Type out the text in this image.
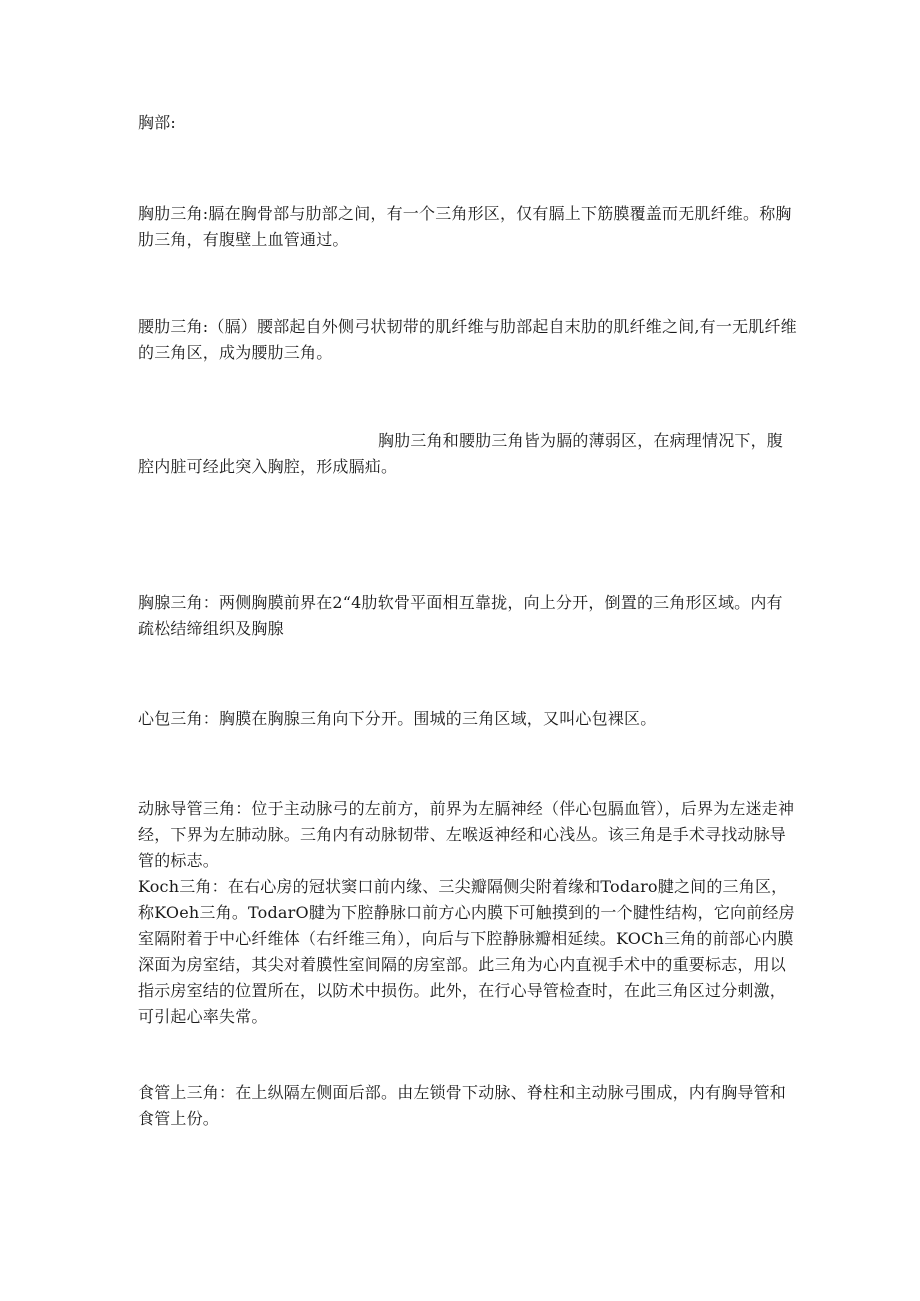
胸部:

胸肋三角:膈在胸骨部与肋部之间，有一个三角形区，仅有膈上下筋膜覆盖而无肌纤维。称胸肋三角，有腹壁上血管通过。

腰肋三角:（膈）腰部起自外侧弓状韧带的肌纤维与肋部起自末肋的肌纤维之间,有一无肌纤维的三角区，成为腰肋三角。

胸肋三角和腰肋三角皆为膈的薄弱区，在病理情况下，腹腔内脏可经此突入胸腔，形成膈疝。

胸腺三角：两侧胸膜前界在2“4肋软骨平面相互靠拢，向上分开，倒置的三角形区域。内有疏松结缔组织及胸腺

心包三角：胸膜在胸腺三角向下分开。围城的三角区域，又叫心包裸区。

动脉导管三角：位于主动脉弓的左前方，前界为左膈神经（伴心包膈血管），后界为左迷走神经，下界为左肺动脉。三角内有动脉韧带、左喉返神经和心浅丛。该三角是手术寻找动脉导管的标志。

Koch三角：在右心房的冠状窦口前内缘、三尖瓣隔侧尖附着缘和Todaro腱之间的三角区，称KOeh三角。TodarO腱为下腔静脉口前方心内膜下可触摸到的一个腱性结构，它向前经房室隔附着于中心纤维体（右纤维三角），向后与下腔静脉瓣相延续。KOCh三角的前部心内膜深面为房室结，其尖对着膜性室间隔的房室部。此三角为心内直视手术中的重要标志，用以指示房室结的位置所在，以防术中损伤。此外，在行心导管检查时，在此三角区过分刺激，可引起心率失常。

食管上三角：在上纵隔左侧面后部。由左锁骨下动脉、脊柱和主动脉弓围成，内有胸导管和食管上份。
